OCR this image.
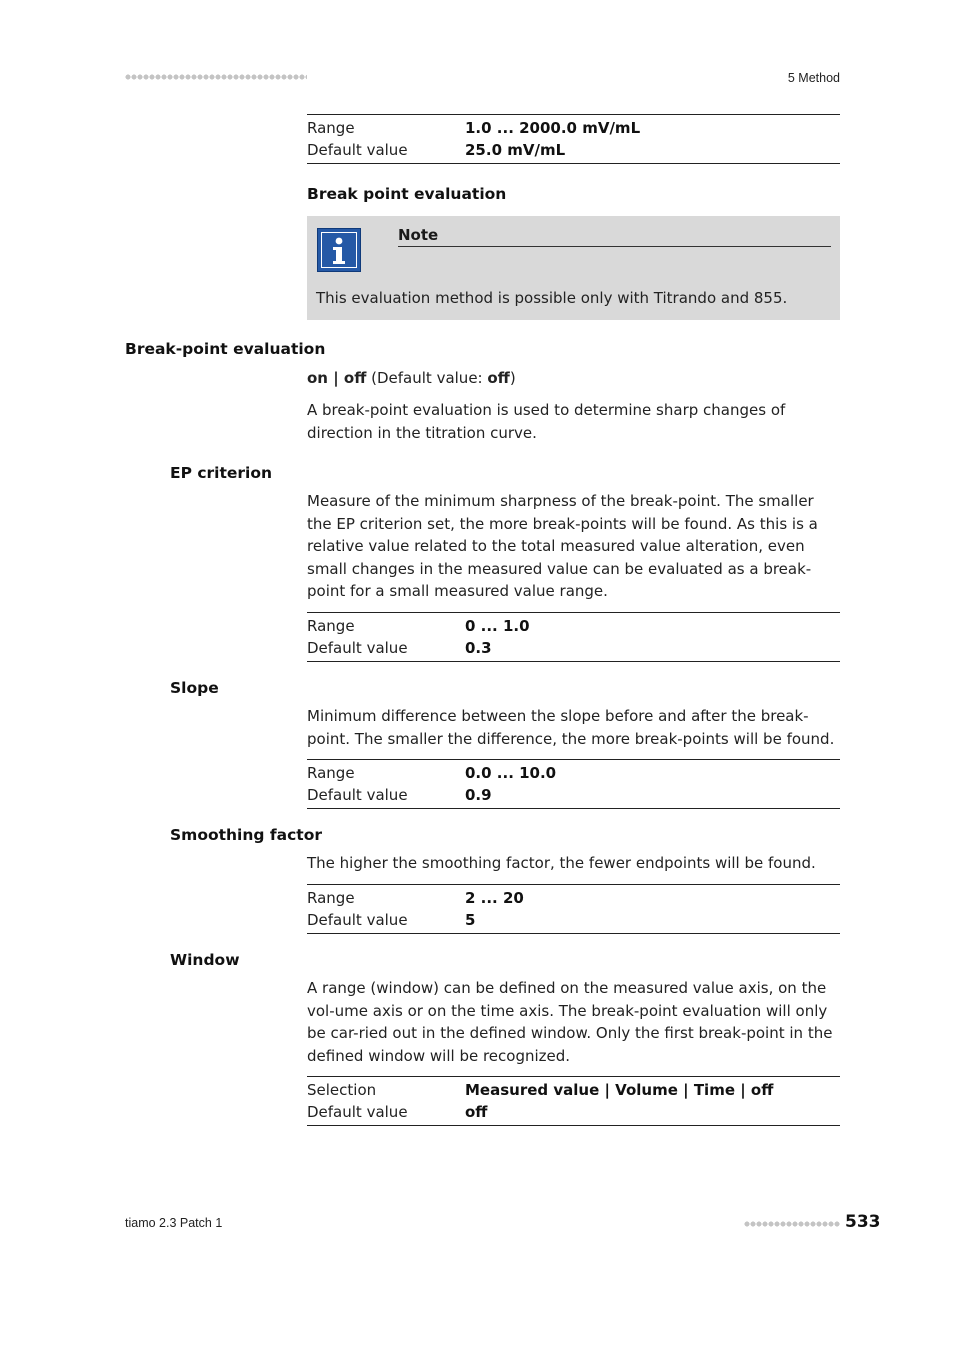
5 Method
Range	1.0 ... 2000.0 mV/mL
Default value	25.0 mV/mL
Break point evaluation
Note
This evaluation method is possible only with Titrando and 855.
Break-point evaluation
on | off (Default value: off)
A break-point evaluation is used to determine sharp changes of direction in the titration curve.
EP criterion
Measure of the minimum sharpness of the break-point. The smaller the EP criterion set, the more break-points will be found. As this is a relative value related to the total measured value alteration, even small changes in the measured value can be evaluated as a break-point for a small measured value range.
Range	0 ... 1.0
Default value	0.3
Slope
Minimum difference between the slope before and after the break-point. The smaller the difference, the more break-points will be found.
Range	0.0 ... 10.0
Default value	0.9
Smoothing factor
The higher the smoothing factor, the fewer endpoints will be found.
Range	2 ... 20
Default value	5
Window
A range (window) can be defined on the measured value axis, on the vol-ume axis or on the time axis. The break-point evaluation will only be car-ried out in the defined window. Only the first break-point in the defined window will be recognized.
Selection	Measured value | Volume | Time | off
Default value	off
tiamo 2.3 Patch 1	533
